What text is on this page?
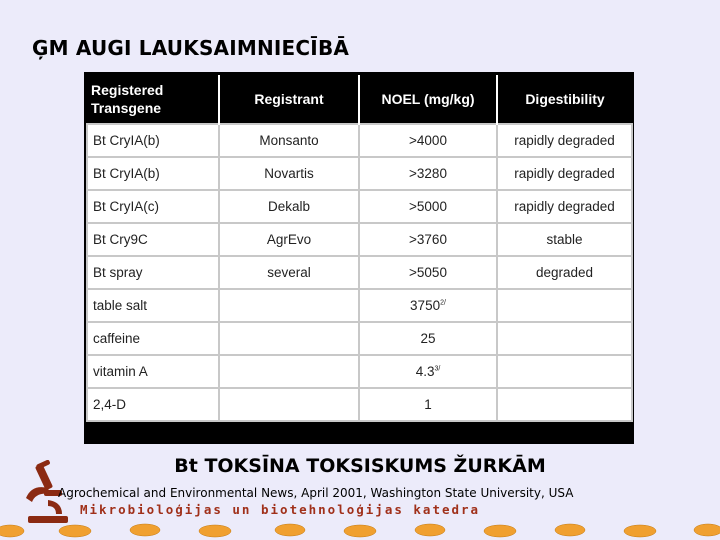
ĢM AUGI LAUKSAIMNIECĪBĀ
Registered Transgene	Registrant	NOEL (mg/kg)	Digestibility
Bt CryIA(b)	Monsanto	>4000	rapidly degraded
Bt CryIA(b)	Novartis	>3280	rapidly degraded
Bt CryIA(c)	Dekalb	>5000	rapidly degraded
Bt Cry9C	AgrEvo	>3760	stable
Bt spray	several	>5050	degraded
table salt		$3750^{2/}$	
caffeine		25	
vitamin A		$4.3^{3/}$	
2,4-D		1	
Bt TOKSĪNA TOKSISKUMS ŽURKĀM
Agrochemical and Environmental News, April 2001, Washington State University, USA
Mikrobioloģijas un biotehnoloģijas katedra
